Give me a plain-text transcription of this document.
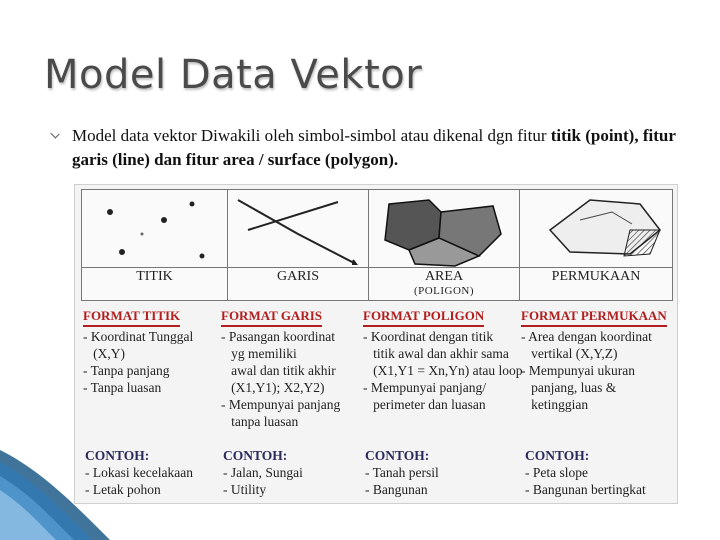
Model Data Vektor
Model data vektor Diwakili oleh simbol-simbol atau dikenal dgn fitur titik (point), fitur garis (line) dan fitur area / surface (polygon).
TITIK	GARIS	AREA
(POLIGON)
PERMUKAAN
FORMAT TITIK
- Koordinat Tunggal
(X,Y)
- Tanpa panjang
- Tanpa luasan
FORMAT GARIS
- Pasangan koordinat
yg memiliki
awal dan titik akhir
(X1,Y1); X2,Y2)
- Mempunyai panjang
tanpa luasan
FORMAT POLIGON
- Koordinat dengan titik
titik awal dan akhir sama
(X1,Y1 = Xn,Yn) atau loop
- Mempunyai panjang/
perimeter dan luasan
FORMAT PERMUKAAN
- Area dengan koordinat
vertikal (X,Y,Z)
- Mempunyai ukuran
panjang, luas &
ketinggian
CONTOH:
- Lokasi kecelakaan
- Letak pohon
CONTOH:
- Jalan, Sungai
- Utility
CONTOH:
- Tanah persil
- Bangunan
CONTOH:
- Peta slope
- Bangunan bertingkat
